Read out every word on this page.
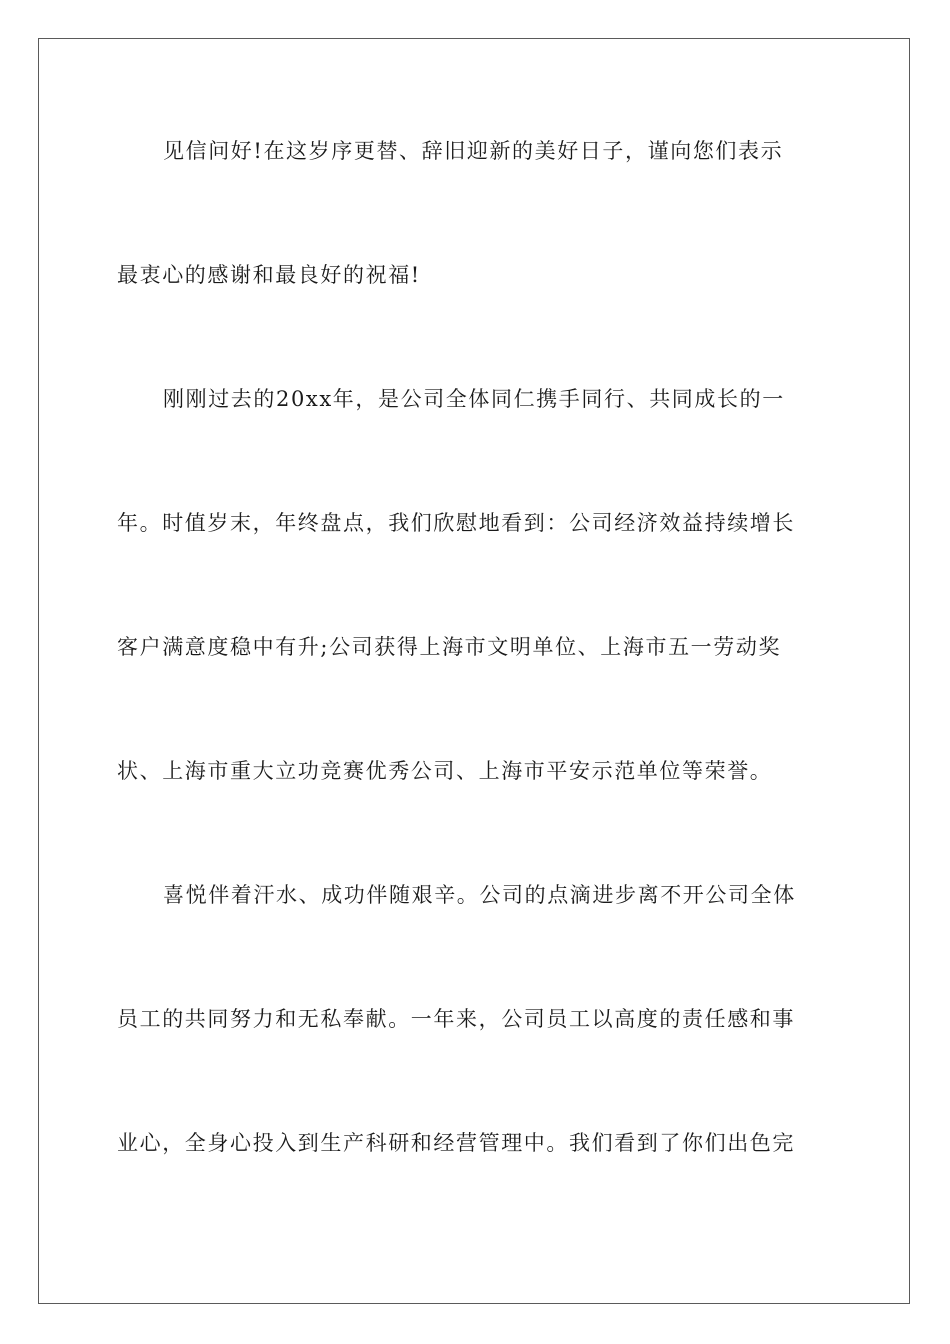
见信问好!在这岁序更替、辞旧迎新的美好日子，谨向您们表示
最衷心的感谢和最良好的祝福!
刚刚过去的20xx年，是公司全体同仁携手同行、共同成长的一
年。时值岁末，年终盘点，我们欣慰地看到：公司经济效益持续增长
客户满意度稳中有升;公司获得上海市文明单位、上海市五一劳动奖
状、上海市重大立功竞赛优秀公司、上海市平安示范单位等荣誉。
喜悦伴着汗水、成功伴随艰辛。公司的点滴进步离不开公司全体
员工的共同努力和无私奉献。一年来，公司员工以高度的责任感和事
业心，全身心投入到生产科研和经营管理中。我们看到了你们出色完
